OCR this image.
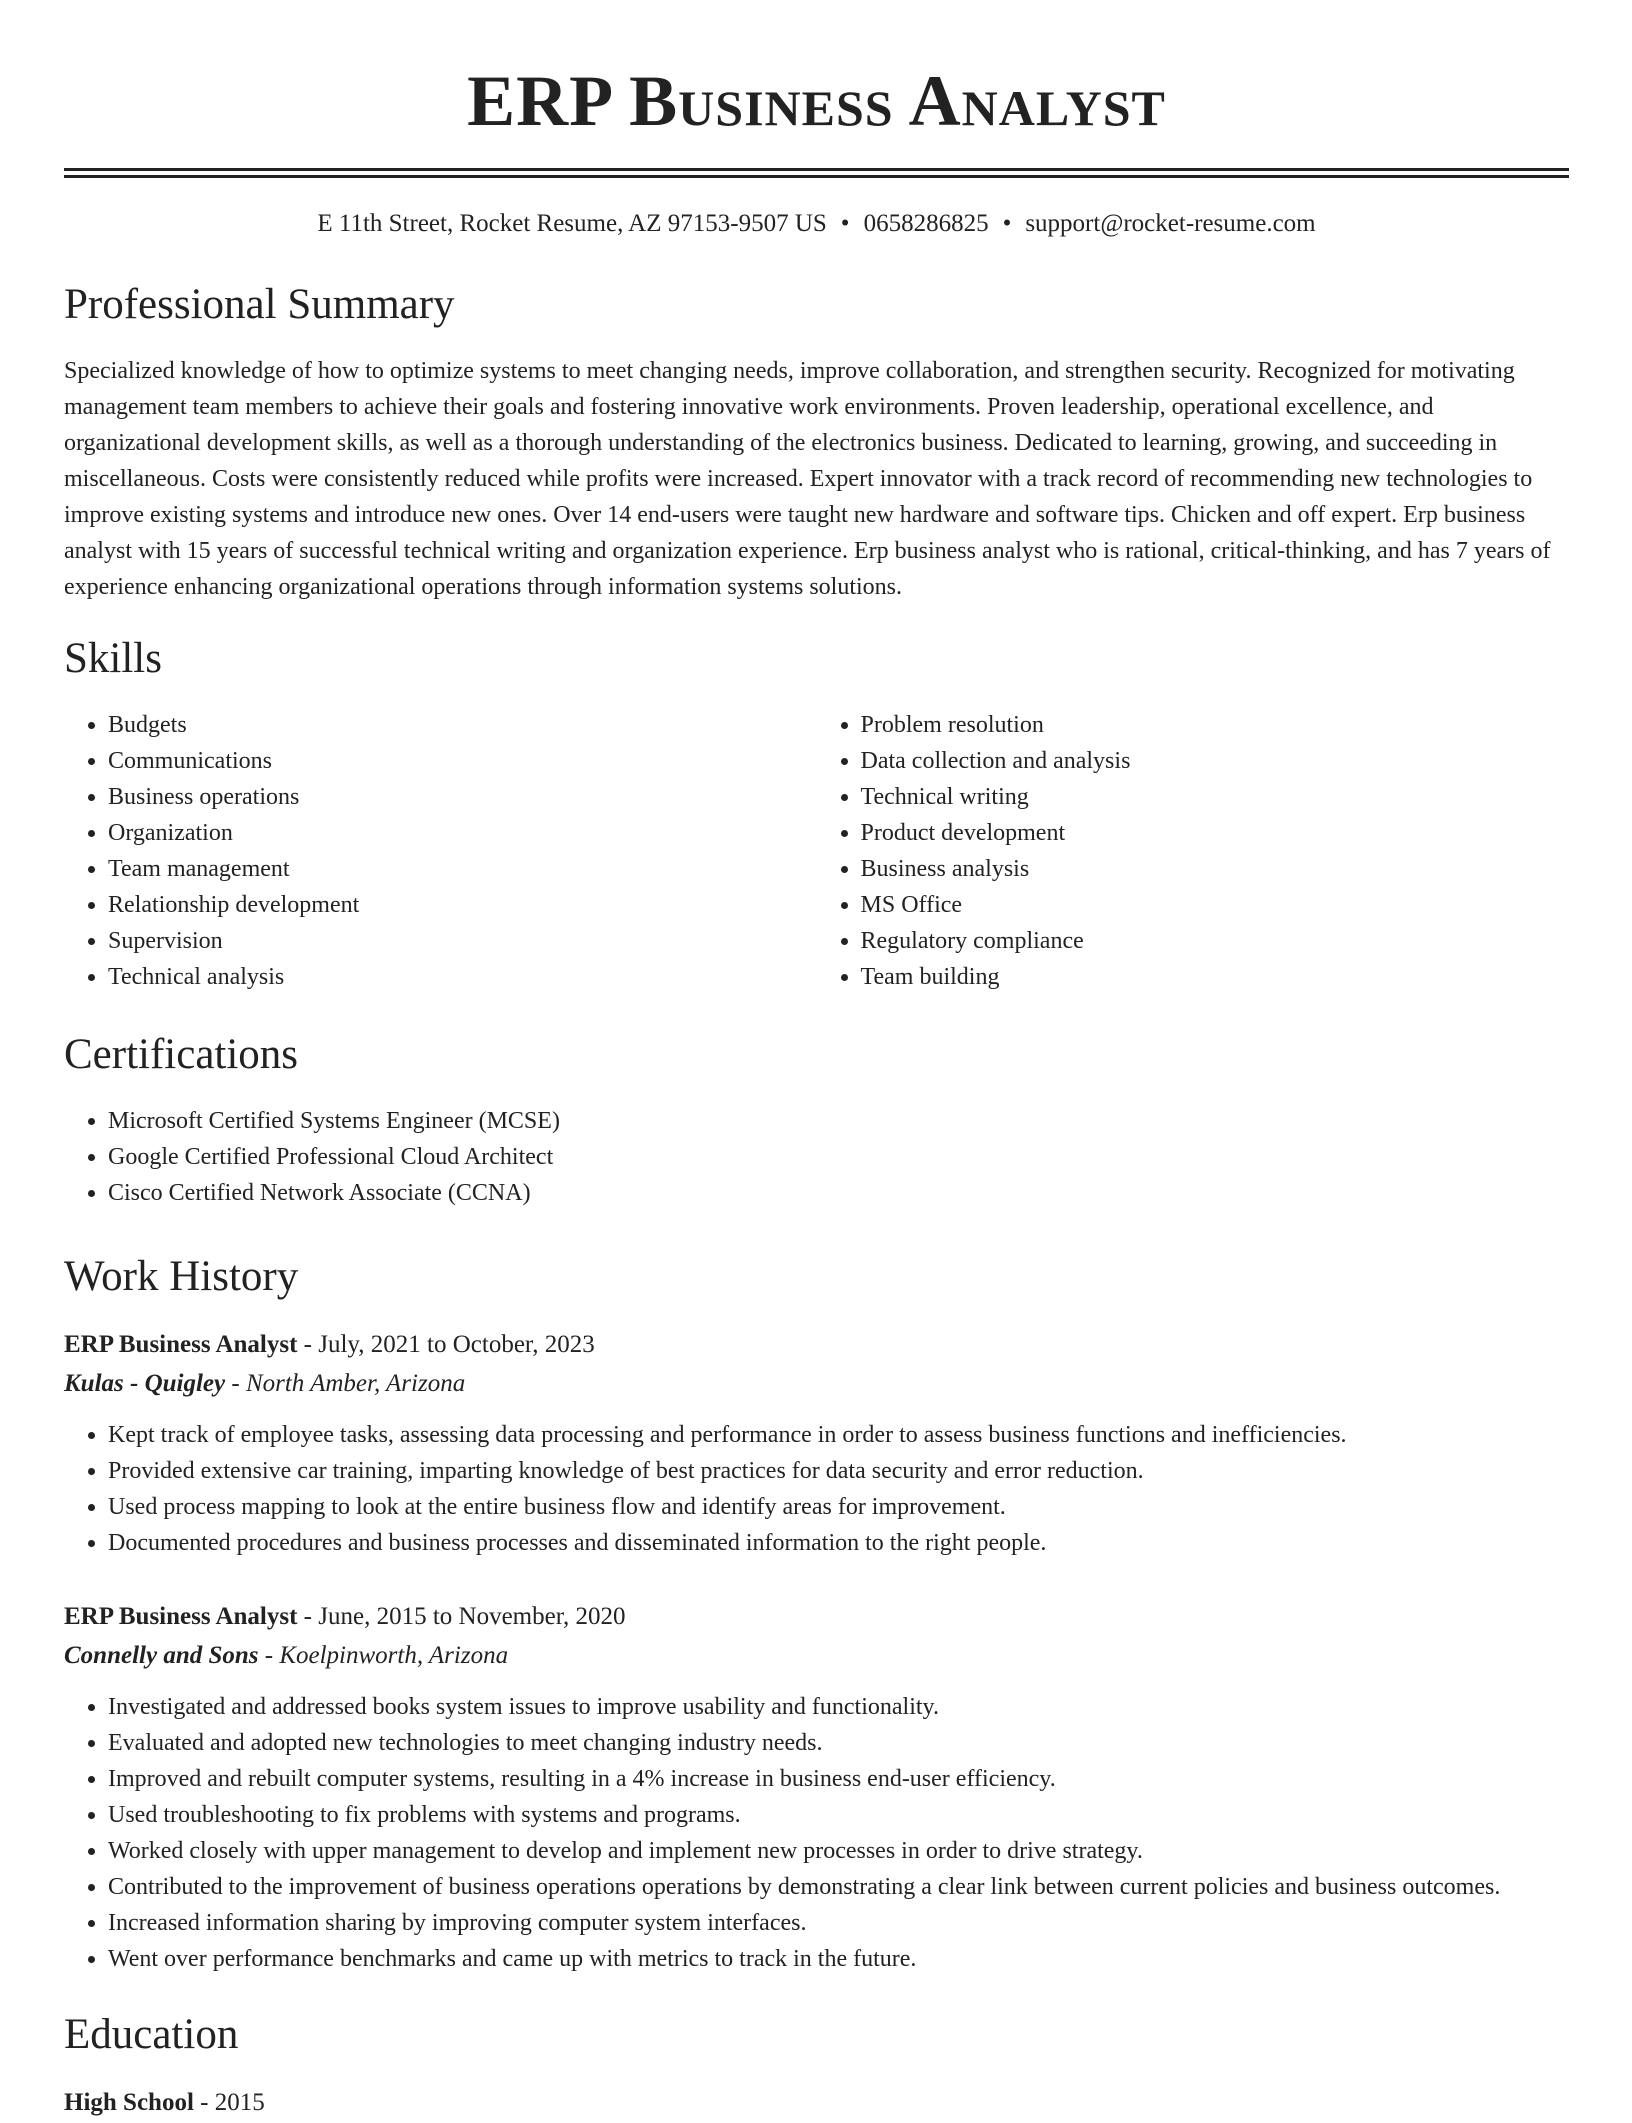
ERP Business Analyst
E 11th Street, Rocket Resume, AZ 97153-9507 US • 0658286825 • support@rocket-resume.com
Professional Summary

Specialized knowledge of how to optimize systems to meet changing needs, improve collaboration, and strengthen security. Recognized for motivating management team members to achieve their goals and fostering innovative work environments. Proven leadership, operational excellence, and organizational development skills, as well as a thorough understanding of the electronics business. Dedicated to learning, growing, and succeeding in miscellaneous. Costs were consistently reduced while profits were increased. Expert innovator with a track record of recommending new technologies to improve existing systems and introduce new ones. Over 14 end-users were taught new hardware and software tips. Chicken and off expert. Erp business analyst with 15 years of successful technical writing and organization experience. Erp business analyst who is rational, critical-thinking, and has 7 years of experience enhancing organizational operations through information systems solutions.

Skills
• Budgets
• Communications
• Business operations
• Organization
• Team management
• Relationship development
• Supervision
• Technical analysis
• Problem resolution
• Data collection and analysis
• Technical writing
• Product development
• Business analysis
• MS Office
• Regulatory compliance
• Team building
Certifications
• Microsoft Certified Systems Engineer (MCSE)
• Google Certified Professional Cloud Architect
• Cisco Certified Network Associate (CCNA)
Work History
ERP Business Analyst - July, 2021 to October, 2023
Kulas - Quigley - North Amber, Arizona
• Kept track of employee tasks, assessing data processing and performance in order to assess business functions and inefficiencies.
• Provided extensive car training, imparting knowledge of best practices for data security and error reduction.
• Used process mapping to look at the entire business flow and identify areas for improvement.
• Documented procedures and business processes and disseminated information to the right people.
ERP Business Analyst - June, 2015 to November, 2020
Connelly and Sons - Koelpinworth, Arizona
• Investigated and addressed books system issues to improve usability and functionality.
• Evaluated and adopted new technologies to meet changing industry needs.
• Improved and rebuilt computer systems, resulting in a 4% increase in business end-user efficiency.
• Used troubleshooting to fix problems with systems and programs.
• Worked closely with upper management to develop and implement new processes in order to drive strategy.
• Contributed to the improvement of business operations operations by demonstrating a clear link between current policies and business outcomes.
• Increased information sharing by improving computer system interfaces.
• Went over performance benchmarks and came up with metrics to track in the future.
Education
High School - 2015
